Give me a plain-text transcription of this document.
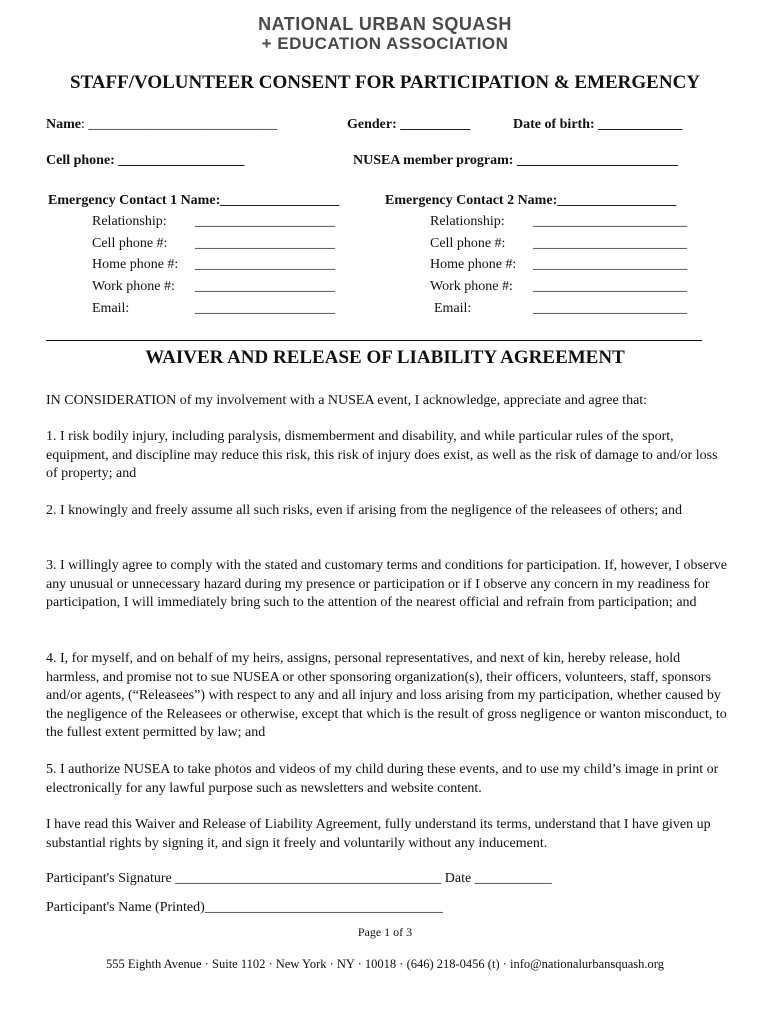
NATIONAL URBAN SQUASH
+ EDUCATION ASSOCIATION
STAFF/VOLUNTEER CONSENT FOR PARTICIPATION & EMERGENCY
Name: ___________________________	Gender: __________	Date of birth: ____________
Cell phone: __________________	NUSEA member program: _______________________
Emergency Contact 1 Name:_________________
Relationship: ____________________
Cell phone #: ____________________
Home phone #: ____________________
Work phone #: ____________________
Email:	____________________
Emergency Contact 2 Name:_________________
Relationship: ______________________
Cell phone #: ______________________
Home phone #: ______________________
Work phone #: ______________________
Email:	______________________
WAIVER AND RELEASE OF LIABILITY AGREEMENT
IN CONSIDERATION of my involvement with a NUSEA event, I acknowledge, appreciate and agree that:
1. I risk bodily injury, including paralysis, dismemberment and disability, and while particular rules of the sport, equipment, and discipline may reduce this risk, this risk of injury does exist, as well as the risk of damage to and/or loss of property; and
2. I knowingly and freely assume all such risks, even if arising from the negligence of the releasees of others; and
3. I willingly agree to comply with the stated and customary terms and conditions for participation. If, however, I observe any unusual or unnecessary hazard during my presence or participation or if I observe any concern in my readiness for participation, I will immediately bring such to the attention of the nearest official and refrain from participation; and
4. I, for myself, and on behalf of my heirs, assigns, personal representatives, and next of kin, hereby release, hold harmless, and promise not to sue NUSEA or other sponsoring organization(s), their officers, volunteers, staff, sponsors and/or agents, (“Releasees”) with respect to any and all injury and loss arising from my participation, whether caused by the negligence of the Releasees or otherwise, except that which is the result of gross negligence or wanton misconduct, to the fullest extent permitted by law; and
5. I authorize NUSEA to take photos and videos of my child during these events, and to use my child’s image in print or electronically for any lawful purpose such as newsletters and website content.
I have read this Waiver and Release of Liability Agreement, fully understand its terms, understand that I have given up substantial rights by signing it, and sign it freely and voluntarily without any inducement.
Participant's Signature ______________________________________ Date ___________
Participant's Name (Printed)__________________________________
Page 1 of 3
555 Eighth Avenue · Suite 1102 · New York · NY · 10018 · (646) 218-0456 (t) · info@nationalurbansquash.org
